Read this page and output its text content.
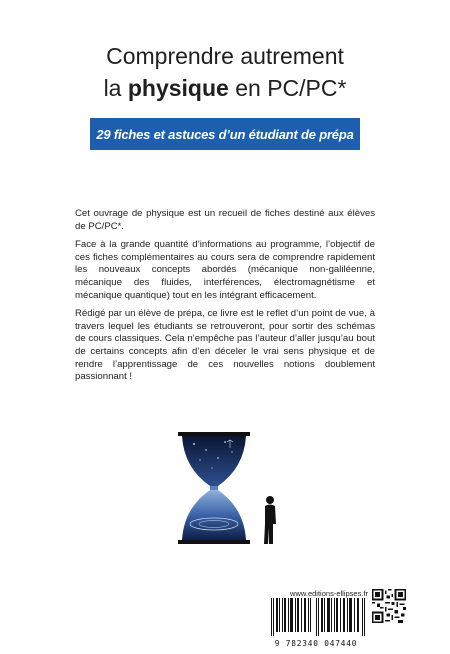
Comprendre autrement
la physique en PC/PC*
29 fiches et astuces d’un étudiant de prépa

Cet ouvrage de physique est un recueil de fiches destiné aux élèves de PC/PC*.

Face à la grande quantité d’informations au programme, l’objectif de ces fiches complémentaires au cours sera de comprendre rapidement les nouveaux concepts abordés (mécanique non-galiléenne, mécanique des fluides, interférences, électromagnétisme et mécanique quantique) tout en les intégrant efficacement.

Rédigé par un élève de prépa, ce livre est le reflet d’un point de vue, à travers lequel les étudiants se retrouveront, pour sortir des schémas de cours classiques. Cela n’empêche pas l’auteur d’aller jusqu’au bout de certains concepts afin d’en déceler le vrai sens physique et de rendre l’apprentissage de ces nouvelles notions doublement passionnant !

www.editions-ellipses.fr
9 782340 047440
